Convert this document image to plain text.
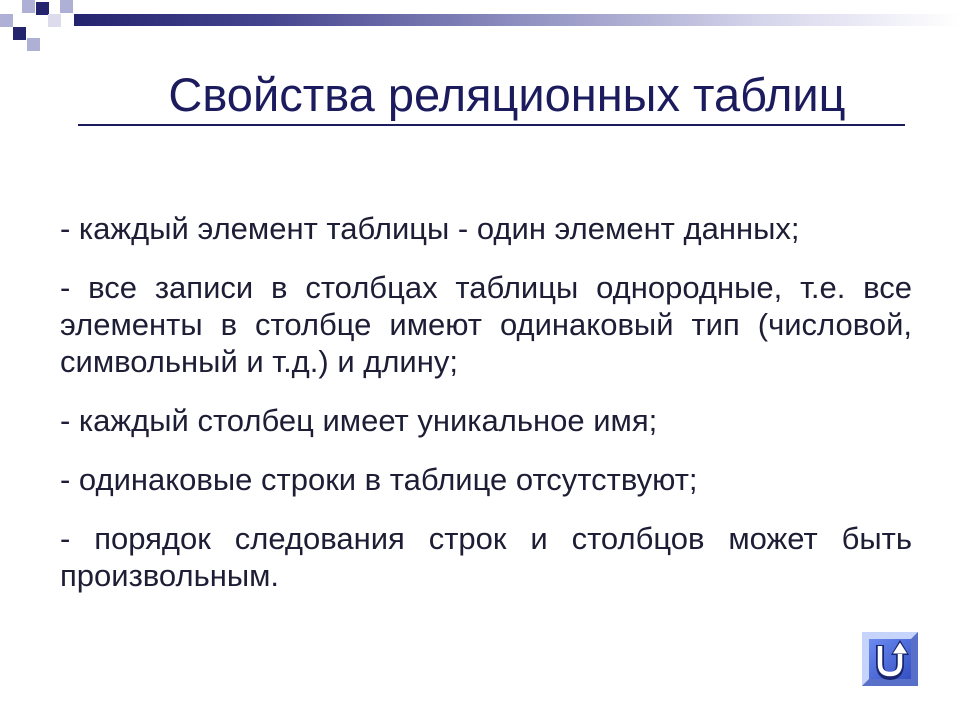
Свойства реляционных таблиц
- каждый элемент таблицы - один элемент данных;
- все записи в столбцах таблицы однородные, т.е. все
элементы в столбце имеют одинаковый тип (числовой,
символьный и т.д.) и длину;
- каждый столбец имеет уникальное имя;
- одинаковые строки в таблице отсутствуют;
- порядок следования строк и столбцов может быть
произвольным.
